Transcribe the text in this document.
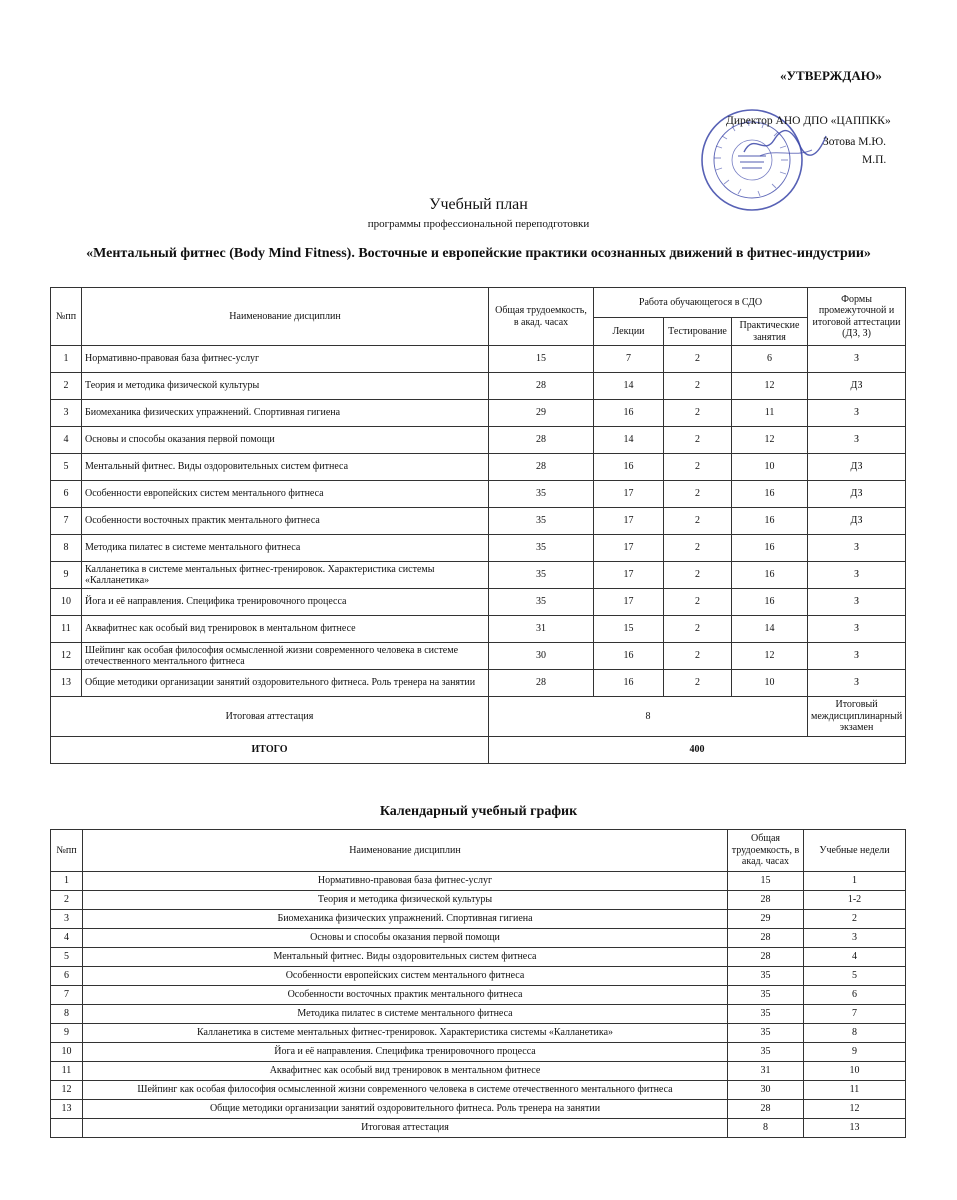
«УТВЕРЖДАЮ»
Директор АНО ДПО «ЦАППКК»
Зотова М.Ю.
М.П.
Учебный план
программы профессиональной переподготовки
«Ментальный фитнес (Body Mind Fitness). Восточные и европейские практики осознанных движений в фитнес-индустрии»
№пп	Наименование дисциплин	Общая трудоемкость, в акад. часах	Работа обучающегося в СДО			Формы промежуточной и итоговой аттестации (ДЗ, З)
			Лекции	Тестирование	Практические занятия	
1	Нормативно-правовая база фитнес-услуг	15	7	2	6	З
2	Теория и методика физической культуры	28	14	2	12	ДЗ
3	Биомеханика физических упражнений. Спортивная гигиена	29	16	2	11	З
4	Основы и способы оказания первой помощи	28	14	2	12	З
5	Ментальный фитнес. Виды оздоровительных систем фитнеса	28	16	2	10	ДЗ
6	Особенности европейских систем ментального фитнеса	35	17	2	16	ДЗ
7	Особенности восточных практик ментального фитнеса	35	17	2	16	ДЗ
8	Методика пилатес в системе ментального фитнеса	35	17	2	16	З
9	Калланетика в системе ментальных фитнес-тренировок. Характеристика системы «Калланетика»	35	17	2	16	З
10	Йога и её направления. Специфика тренировочного процесса	35	17	2	16	З
11	Аквафитнес как особый вид тренировок в ментальном фитнесе	31	15	2	14	З
12	Шейпинг как особая философия осмысленной жизни современного человека в системе отечественного ментального фитнеса	30	16	2	12	З
13	Общие методики организации занятий оздоровительного фитнеса. Роль тренера на занятии	28	16	2	10	З
Итоговая аттестация		8				Итоговый междисциплинарный экзамен
ИТОГО		400				
Календарный учебный график
№пп	Наименование дисциплин	Общая трудоемкость, в акад. часах	Учебные недели
1	Нормативно-правовая база фитнес-услуг	15	1
2	Теория и методика физической культуры	28	1-2
3	Биомеханика физических упражнений. Спортивная гигиена	29	2
4	Основы и способы оказания первой помощи	28	3
5	Ментальный фитнес. Виды оздоровительных систем фитнеса	28	4
6	Особенности европейских систем ментального фитнеса	35	5
7	Особенности восточных практик ментального фитнеса	35	6
8	Методика пилатес в системе ментального фитнеса	35	7
9	Калланетика в системе ментальных фитнес-тренировок. Характеристика системы «Калланетика»	35	8
10	Йога и её направления. Специфика тренировочного процесса	35	9
11	Аквафитнес как особый вид тренировок в ментальном фитнесе	31	10
12	Шейпинг как особая философия осмысленной жизни современного человека в системе отечественного ментального фитнеса	30	11
13	Общие методики организации занятий оздоровительного фитнеса. Роль тренера на занятии	28	12
	Итоговая аттестация	8	13
